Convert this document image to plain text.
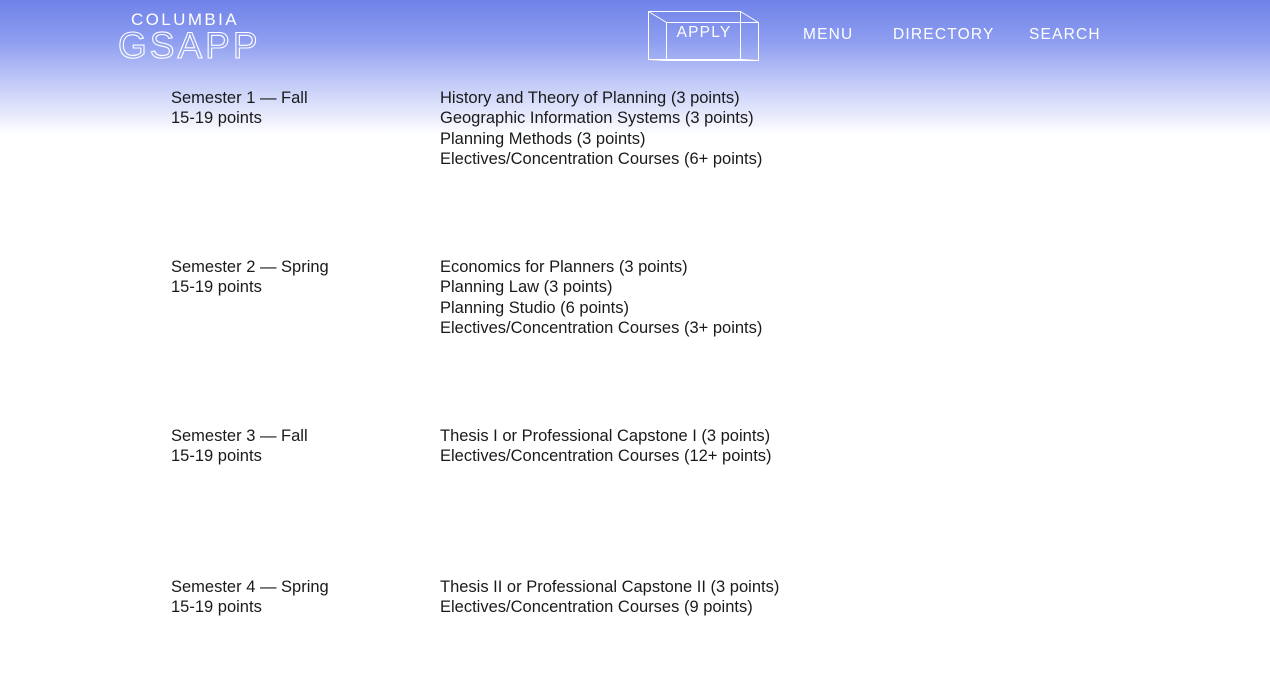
COLUMBIA
GSAPP	APPLY	MENU	DIRECTORY SEARCH
Semester 1 — Fall
15-19 points
History and Theory of Planning (3 points)
Geographic Information Systems (3 points)
Planning Methods (3 points)
Electives/Concentration Courses (6+ points)
Semester 2 — Spring
15-19 points
Economics for Planners (3 points)
Planning Law (3 points)
Planning Studio (6 points)
Electives/Concentration Courses (3+ points)
Semester 3 — Fall
15-19 points
Thesis I or Professional Capstone I (3 points)
Electives/Concentration Courses (12+ points)
Semester 4 — Spring
15-19 points
Thesis II or Professional Capstone II (3 points)
Electives/Concentration Courses (9 points)
